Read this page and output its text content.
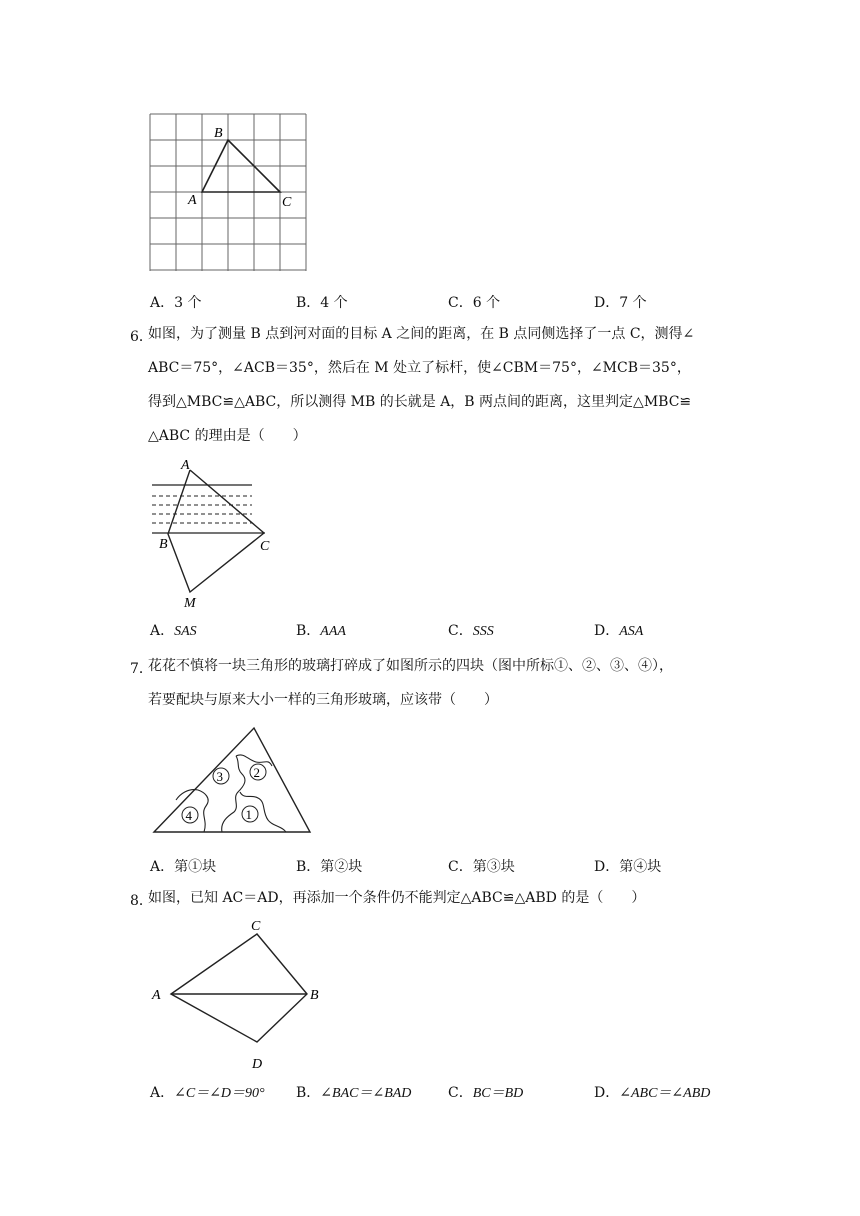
B
A	C
A．3 个	B．4 个	C．6 个	D．7 个
6．
如图，为了测量 B 点到河对面的目标 A 之间的距离，在 B 点同侧选择了一点 C，测得∠
ABC＝75°，∠ACB＝35°，然后在 M 处立了标杆，使∠CBM＝75°，∠MCB＝35°，
得到△MBC≌△ABC，所以测得 MB 的长就是 A，B 两点间的距离，这里判定△MBC≌
△ABC 的理由是（　　）
A
B	C
M
A．SAS	B．AAA	C．SSS	D．ASA
7．
花花不慎将一块三角形的玻璃打碎成了如图所示的四块（图中所标①、②、③、④），
若要配块与原来大小一样的三角形玻璃，应该带（　　）
4
3 2
1
A．第①块	B．第②块	C．第③块	D．第④块
8．
如图，已知 AC＝AD，再添加一个条件仍不能判定△ABC≌△ABD 的是（　　）
C
A	B
D
A．∠C＝∠D＝90° B．∠BAC＝∠BAD	C．BC＝BD	D．∠ABC＝∠ABD
